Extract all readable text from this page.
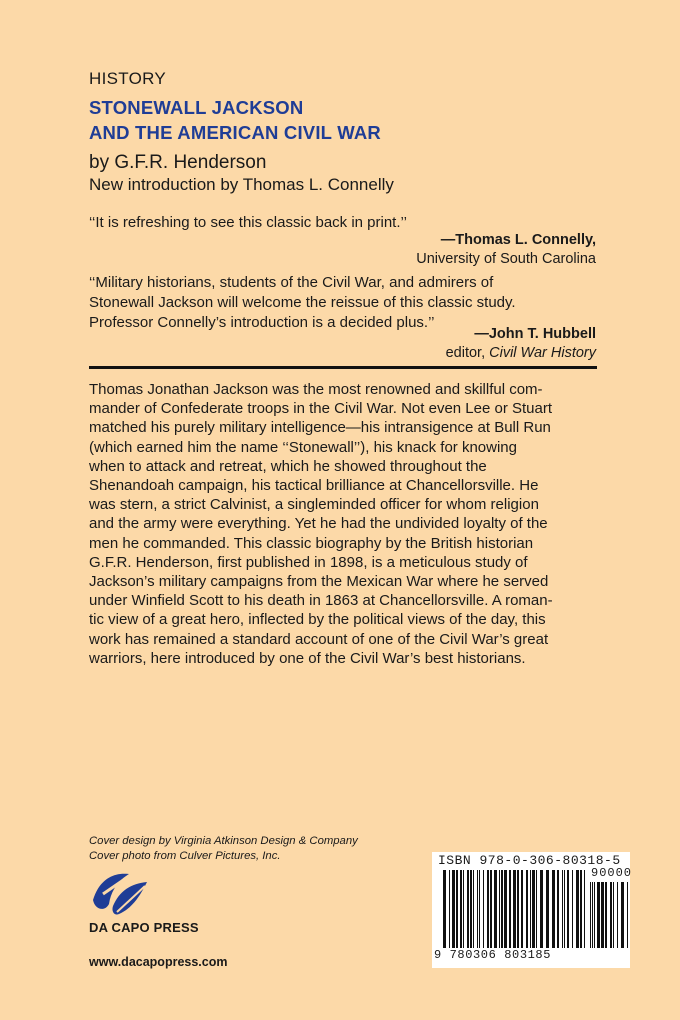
HISTORY
STONEWALL JACKSON
AND THE AMERICAN CIVIL WAR
by G.F.R. Henderson
New introduction by Thomas L. Connelly
‘‘It is refreshing to see this classic back in print.’’
—Thomas L. Connelly,
University of South Carolina
‘‘Military historians, students of the Civil War, and admirers of
Stonewall Jackson will welcome the reissue of this classic study.
Professor Connelly’s introduction is a decided plus.’’
—John T. Hubbell
editor, Civil War History
Thomas Jonathan Jackson was the most renowned and skillful com-
mander of Confederate troops in the Civil War. Not even Lee or Stuart
matched his purely military intelligence—his intransigence at Bull Run
(which earned him the name ‘‘Stonewall’’), his knack for knowing
when to attack and retreat, which he showed throughout the
Shenandoah campaign, his tactical brilliance at Chancellorsville. He
was stern, a strict Calvinist, a singleminded officer for whom religion
and the army were everything. Yet he had the undivided loyalty of the
men he commanded. This classic biography by the British historian
G.F.R. Henderson, first published in 1898, is a meticulous study of
Jackson’s military campaigns from the Mexican War where he served
under Winfield Scott to his death in 1863 at Chancellorsville. A roman-
tic view of a great hero, inflected by the political views of the day, this
work has remained a standard account of one of the Civil War’s great
warriors, here introduced by one of the Civil War’s best historians.
Cover design by Virginia Atkinson Design & Company
Cover photo from Culver Pictures, Inc.
DA CAPO PRESS
www.dacapopress.com
ISBN 978-0-306-80318-5
90000
9 780306 803185
